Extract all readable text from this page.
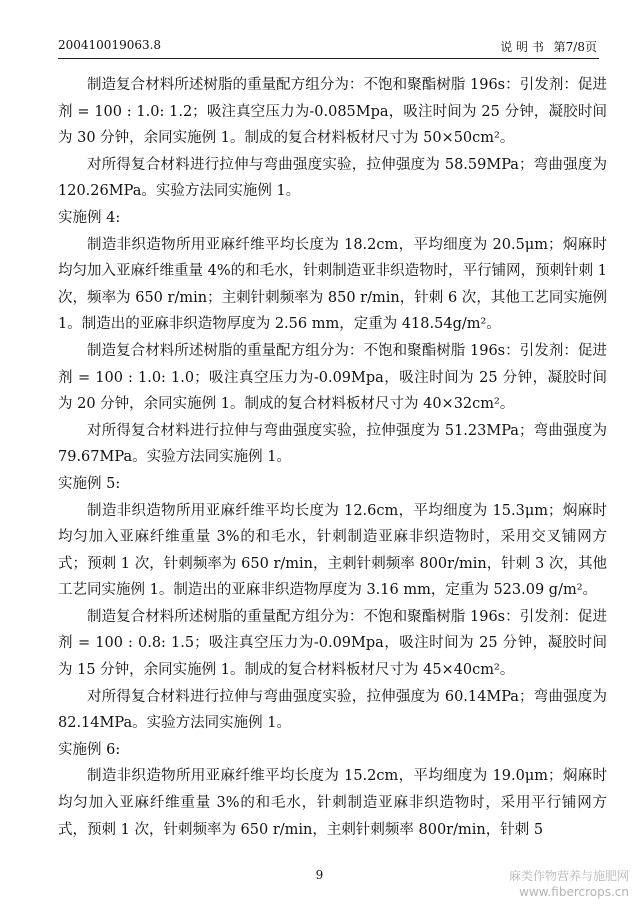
200410019063.8	说 明 书 第7/8页

制造复合材料所述树脂的重量配方组分为：不饱和聚酯树脂 196s：引发剂：促进剂 = 100 : 1.0: 1.2；吸注真空压力为-0.085Mpa，吸注时间为 25 分钟，凝胶时间为 30 分钟，余同实施例 1。制成的复合材料板材尺寸为 50×50cm²。

对所得复合材料进行拉伸与弯曲强度实验，拉伸强度为 58.59MPa；弯曲强度为 120.26MPa。实验方法同实施例 1。

实施例 4:

制造非织造物所用亚麻纤维平均长度为 18.2cm，平均细度为 20.5μm；焖麻时均匀加入亚麻纤维重量 4%的和毛水，针刺制造亚非织造物时，平行铺网，预刺针刺 1 次，频率为 650 r/min；主刺针刺频率为 850 r/min，针刺 6 次，其他工艺同实施例 1。制造出的亚麻非织造物厚度为 2.56 mm，定重为 418.54g/m²。

制造复合材料所述树脂的重量配方组分为：不饱和聚酯树脂 196s：引发剂：促进剂 = 100 : 1.0: 1.0；吸注真空压力为-0.09Mpa，吸注时间为 25 分钟，凝胶时间为 20 分钟，余同实施例 1。制成的复合材料板材尺寸为 40×32cm²。

对所得复合材料进行拉伸与弯曲强度实验，拉伸强度为 51.23MPa；弯曲强度为 79.67MPa。实验方法同实施例 1。

实施例 5:

制造非织造物所用亚麻纤维平均长度为 12.6cm，平均细度为 15.3μm；焖麻时均匀加入亚麻纤维重量 3%的和毛水，针刺制造亚麻非织造物时，采用交叉铺网方式；预刺 1 次，针刺频率为 650 r/min，主刺针刺频率 800r/min，针刺 3 次，其他工艺同实施例 1。制造出的亚麻非织造物厚度为 3.16 mm，定重为 523.09 g/m²。

制造复合材料所述树脂的重量配方组分为：不饱和聚酯树脂 196s：引发剂：促进剂 = 100 : 0.8: 1.5；吸注真空压力为-0.09Mpa，吸注时间为 25 分钟，凝胶时间为 15 分钟，余同实施例 1。制成的复合材料板材尺寸为 45×40cm²。

对所得复合材料进行拉伸与弯曲强度实验，拉伸强度为 60.14MPa；弯曲强度为 82.14MPa。实验方法同实施例 1。

实施例 6:

制造非织造物所用亚麻纤维平均长度为 15.2cm，平均细度为 19.0μm；焖麻时均匀加入亚麻纤维重量 3%的和毛水，针刺制造亚麻非织造物时，采用平行铺网方式，预刺 1 次，针刺频率为 650 r/min，主刺针刺频率 800r/min，针刺 5

9	麻类作物营养与施肥网
www.fibercrops.cn
